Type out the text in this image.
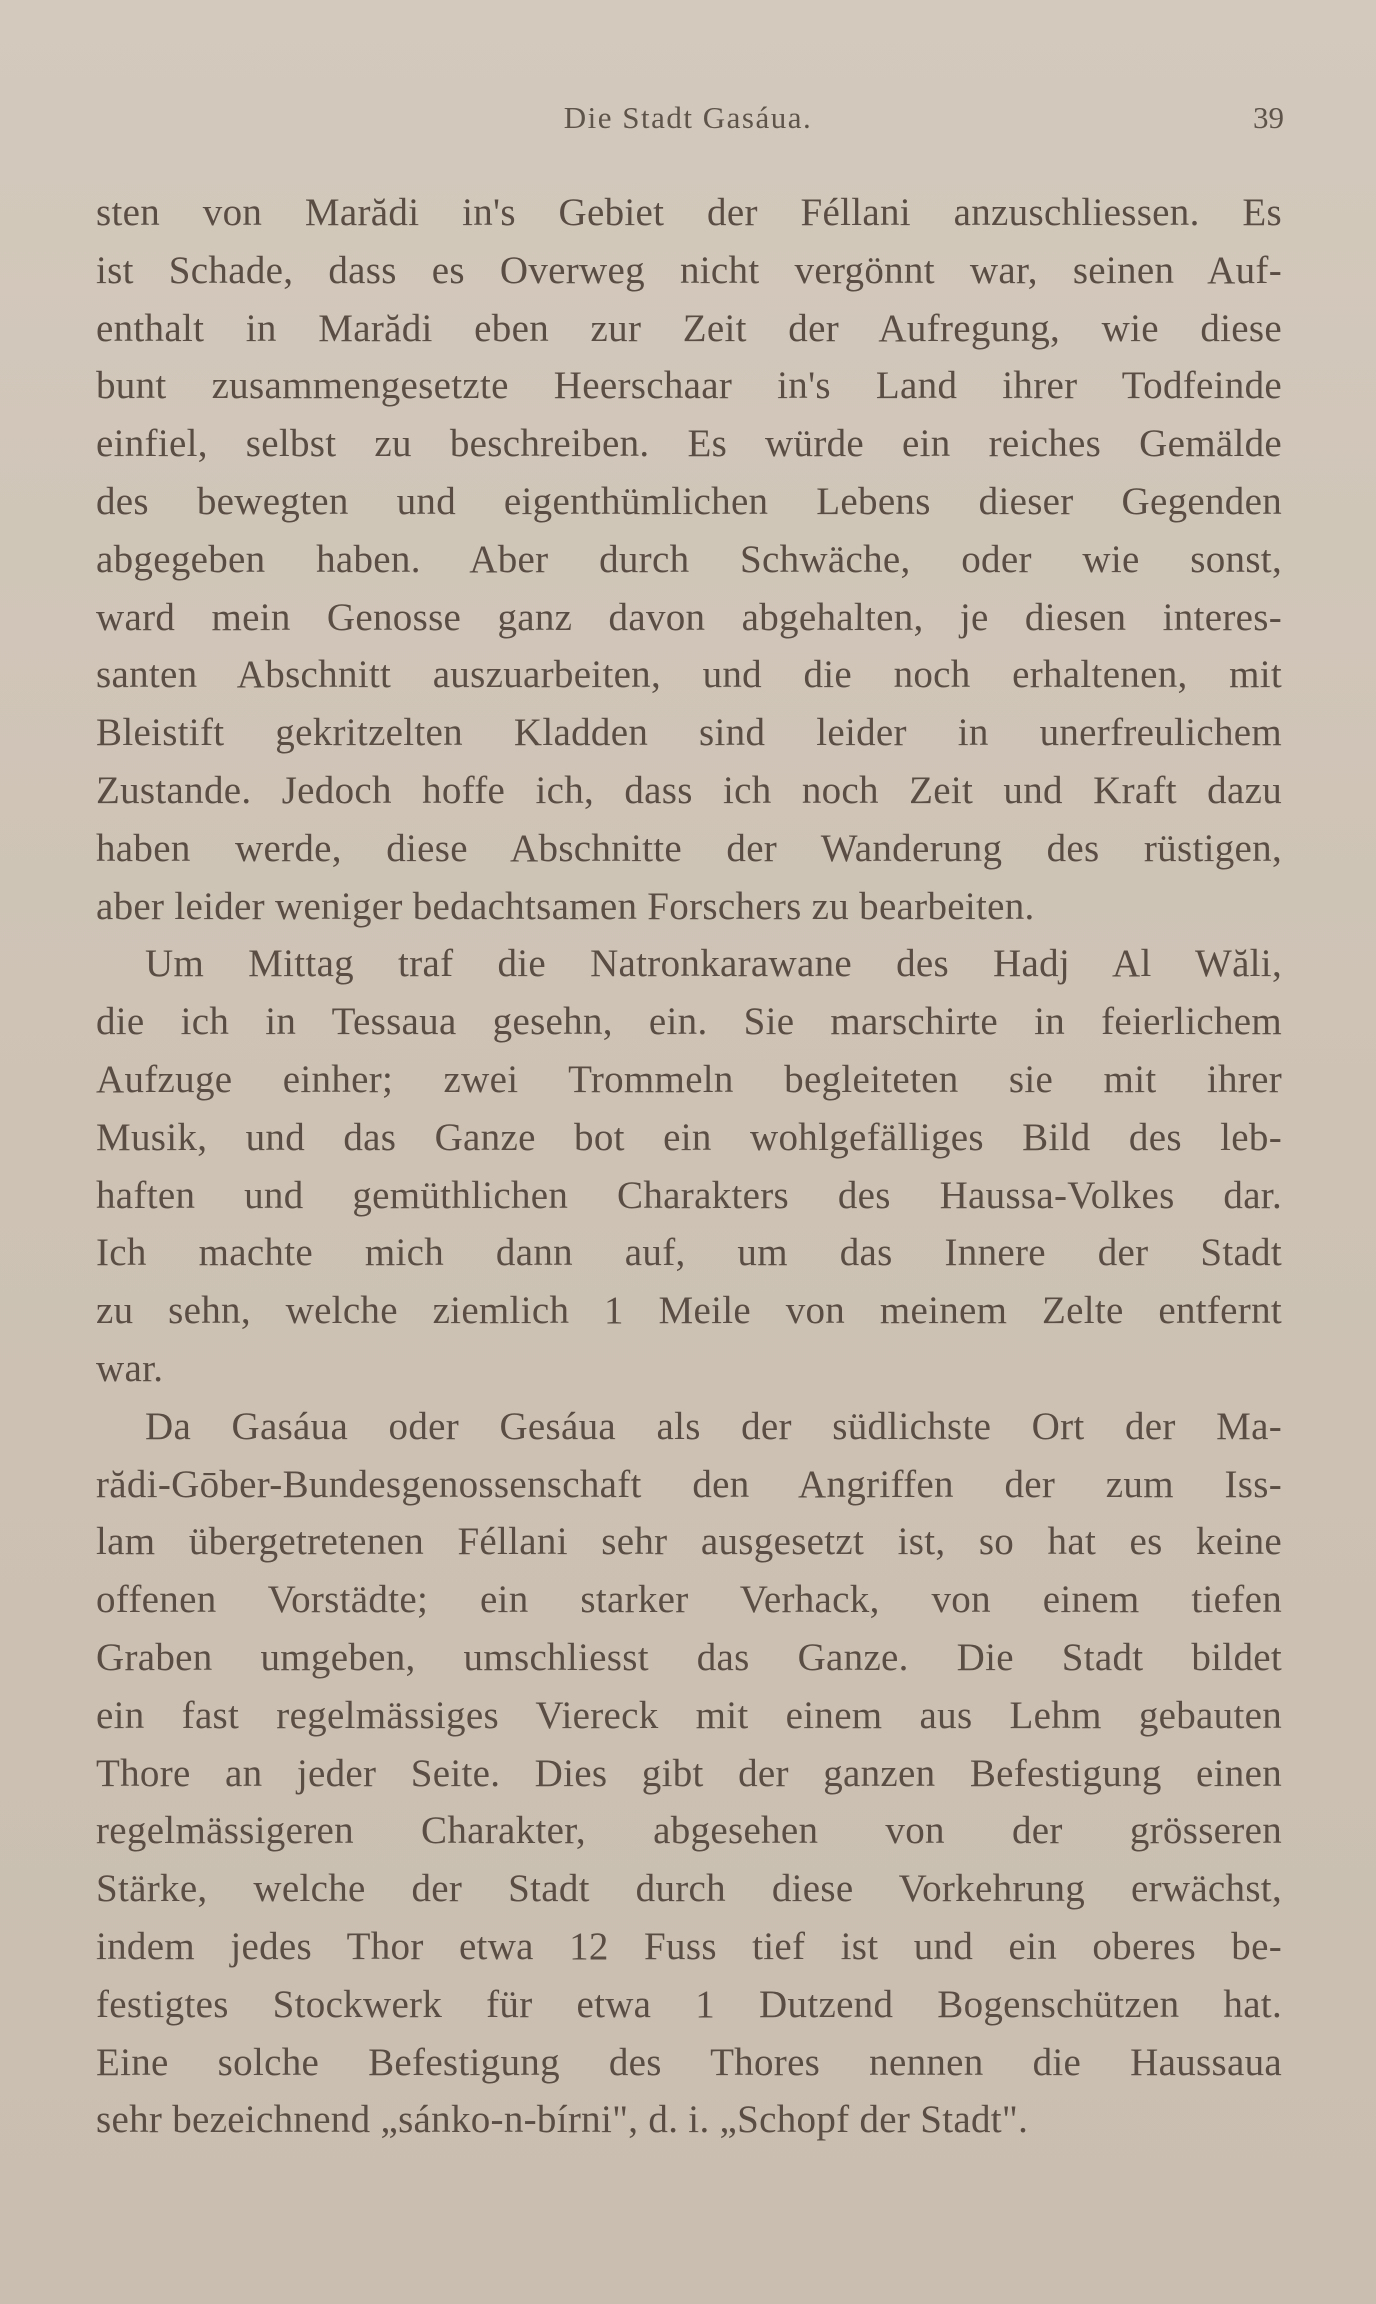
Die Stadt Gasáua.	39
sten von Marădi in's Gebiet der Féllani anzuschliessen. Es
ist Schade, dass es Overweg nicht vergönnt war, seinen Auf-
enthalt in Marădi eben zur Zeit der Aufregung, wie diese
bunt zusammengesetzte Heerschaar in's Land ihrer Todfeinde
einfiel, selbst zu beschreiben. Es würde ein reiches Gemälde
des bewegten und eigenthümlichen Lebens dieser Gegenden
abgegeben haben. Aber durch Schwäche, oder wie sonst,
ward mein Genosse ganz davon abgehalten, je diesen interes-
santen Abschnitt auszuarbeiten, und die noch erhaltenen, mit
Bleistift gekritzelten Kladden sind leider in unerfreulichem
Zustande. Jedoch hoffe ich, dass ich noch Zeit und Kraft dazu
haben werde, diese Abschnitte der Wanderung des rüstigen,
aber leider weniger bedachtsamen Forschers zu bearbeiten.
Um Mittag traf die Natronkarawane des Hadj Al Wăli,
die ich in Tessaua gesehn, ein. Sie marschirte in feierlichem
Aufzuge einher; zwei Trommeln begleiteten sie mit ihrer
Musik, und das Ganze bot ein wohlgefälliges Bild des leb-
haften und gemüthlichen Charakters des Haussa-Volkes dar.
Ich machte mich dann auf, um das Innere der Stadt
zu sehn, welche ziemlich 1 Meile von meinem Zelte entfernt
war.
Da Gasáua oder Gesáua als der südlichste Ort der Ma-
rădi-Gōber-Bundesgenossenschaft den Angriffen der zum Iss-
lam übergetretenen Féllani sehr ausgesetzt ist, so hat es keine
offenen Vorstädte; ein starker Verhack, von einem tiefen
Graben umgeben, umschliesst das Ganze. Die Stadt bildet
ein fast regelmässiges Viereck mit einem aus Lehm gebauten
Thore an jeder Seite. Dies gibt der ganzen Befestigung einen
regelmässigeren Charakter, abgesehen von der grösseren
Stärke, welche der Stadt durch diese Vorkehrung erwächst,
indem jedes Thor etwa 12 Fuss tief ist und ein oberes be-
festigtes Stockwerk für etwa 1 Dutzend Bogenschützen hat.
Eine solche Befestigung des Thores nennen die Haussaua
sehr bezeichnend „sánko-n-bírni", d. i. „Schopf der Stadt".
